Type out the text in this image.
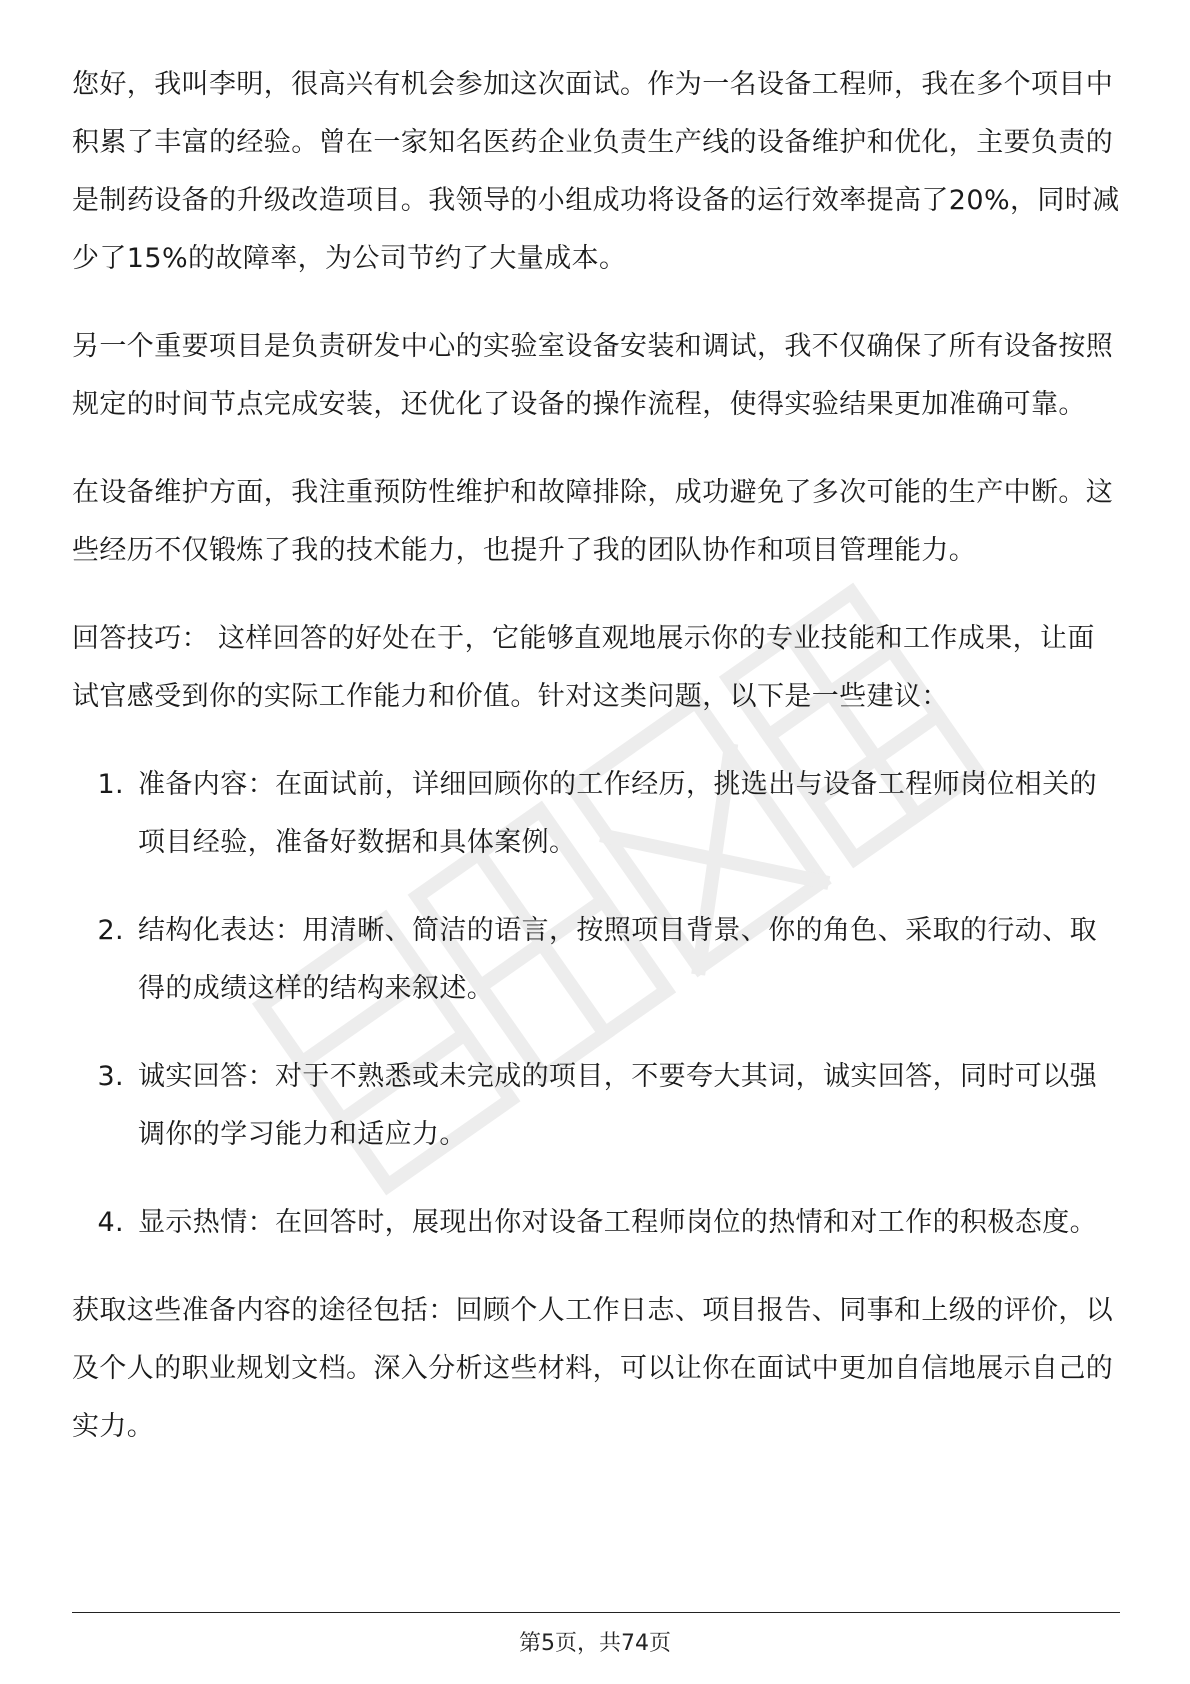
您好，我叫李明，很高兴有机会参加这次面试。作为一名设备工程师，我在多个项目中积累了丰富的经验。曾在一家知名医药企业负责生产线的设备维护和优化，主要负责的是制药设备的升级改造项目。我领导的小组成功将设备的运行效率提高了20%，同时减少了15%的故障率，为公司节约了大量成本。

另一个重要项目是负责研发中心的实验室设备安装和调试，我不仅确保了所有设备按照规定的时间节点完成安装，还优化了设备的操作流程，使得实验结果更加准确可靠。

在设备维护方面，我注重预防性维护和故障排除，成功避免了多次可能的生产中断。这些经历不仅锻炼了我的技术能力，也提升了我的团队协作和项目管理能力。

回答技巧： 这样回答的好处在于，它能够直观地展示你的专业技能和工作成果，让面试官感受到你的实际工作能力和价值。针对这类问题，以下是一些建议：

1. 准备内容：在面试前，详细回顾你的工作经历，挑选出与设备工程师岗位相关的项目经验，准备好数据和具体案例。
2. 结构化表达：用清晰、简洁的语言，按照项目背景、你的角色、采取的行动、取得的成绩这样的结构来叙述。
3. 诚实回答：对于不熟悉或未完成的项目，不要夸大其词，诚实回答，同时可以强调你的学习能力和适应力。
4. 显示热情：在回答时，展现出你对设备工程师岗位的热情和对工作的积极态度。

获取这些准备内容的途径包括：回顾个人工作日志、项目报告、同事和上级的评价，以及个人的职业规划文档。深入分析这些材料，可以让你在面试中更加自信地展示自己的实力。

第5页，共74页
